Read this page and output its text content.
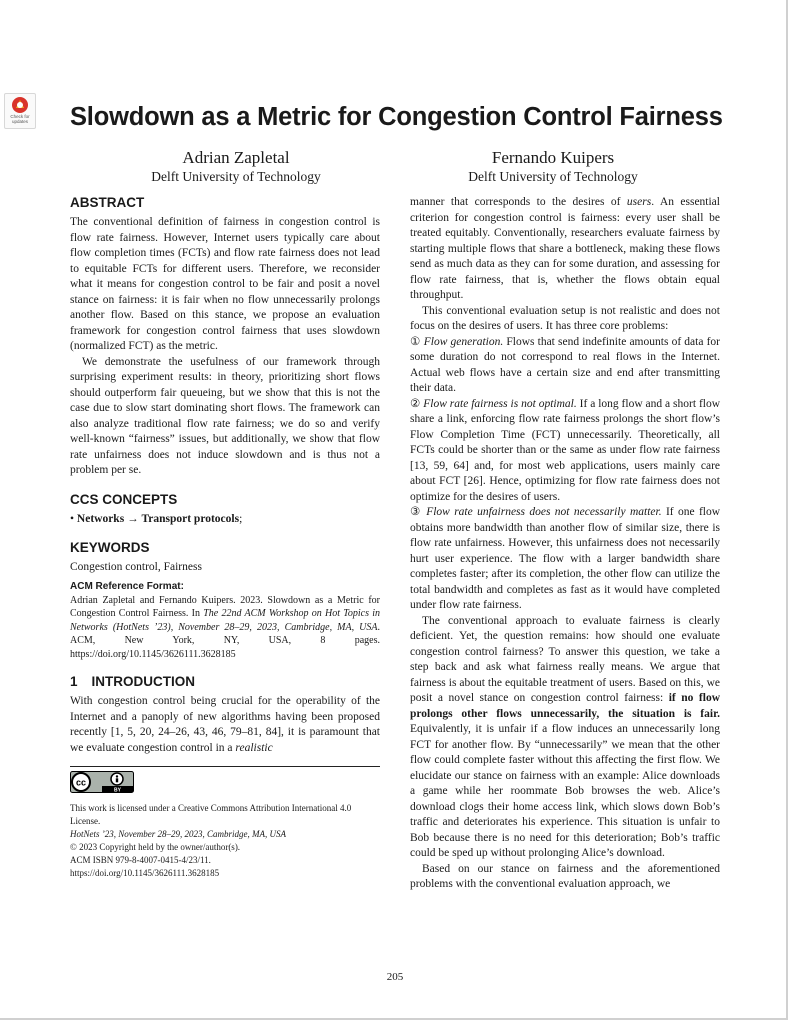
Check for updates Slowdown as a Metric for Congestion Control Fairness
Adrian Zapletal
Delft University of Technology
Fernando Kuipers
Delft University of Technology
ABSTRACT

The conventional definition of fairness in congestion control is flow rate fairness. However, Internet users typically care about flow completion times (FCTs) and flow rate fairness does not lead to equitable FCTs for different users. Therefore, we reconsider what it means for congestion control to be fair and posit a novel stance on fairness: it is fair when no flow unnecessarily prolongs another flow. Based on this stance, we propose an evaluation framework for congestion control fairness that uses slowdown (normalized FCT) as the metric.

We demonstrate the usefulness of our framework through surprising experiment results: in theory, prioritizing short flows should outperform fair queueing, but we show that this is not the case due to slow start dominating short flows. The framework can also analyze traditional flow rate fairness; we do so and verify well-known “fairness” issues, but additionally, we show that flow rate unfairness does not induce slowdown and is thus not a problem per se.

CCS CONCEPTS
• Networks → Transport protocols;
KEYWORDS

Congestion control, Fairness

ACM Reference Format:
Adrian Zapletal and Fernando Kuipers. 2023. Slowdown as a Metric for Congestion Control Fairness. In The 22nd ACM Workshop on Hot Topics in Networks (HotNets ’23), November 28–29, 2023, Cambridge, MA, USA. ACM, New York, NY, USA, 8 pages. https://doi.org/10.1145/3626111.3628185
1 INTRODUCTION

With congestion control being crucial for the operability of the Internet and a panoply of new algorithms having been proposed recently [1, 5, 20, 24–26, 43, 46, 79–81, 84], it is paramount that we evaluate congestion control in a realistic

cc
BY

This work is licensed under a Creative Commons Attribution International 4.0 License.

HotNets ’23, November 28–29, 2023, Cambridge, MA, USA

© 2023 Copyright held by the owner/author(s).

ACM ISBN 979-8-4007-0415-4/23/11.

https://doi.org/10.1145/3626111.3628185

manner that corresponds to the desires of users. An essential criterion for congestion control is fairness: every user shall be treated equitably. Conventionally, researchers evaluate fairness by starting multiple flows that share a bottleneck, making these flows send as much data as they can for some duration, and assessing for flow rate fairness, that is, whether the flows obtain equal throughput.

This conventional evaluation setup is not realistic and does not focus on the desires of users. It has three core problems:

① Flow generation. Flows that send indefinite amounts of data for some duration do not correspond to real flows in the Internet. Actual web flows have a certain size and end after transmitting their data.

② Flow rate fairness is not optimal. If a long flow and a short flow share a link, enforcing flow rate fairness prolongs the short flow’s Flow Completion Time (FCT) unnecessarily. Theoretically, all FCTs could be shorter than or the same as under flow rate fairness [13, 59, 64] and, for most web applications, users mainly care about FCT [26]. Hence, optimizing for flow rate fairness does not optimize for the desires of users.

③ Flow rate unfairness does not necessarily matter. If one flow obtains more bandwidth than another flow of similar size, there is flow rate unfairness. However, this unfairness does not necessarily hurt user experience. The flow with a larger bandwidth share completes faster; after its completion, the other flow can utilize the total bandwidth and completes as fast as it would have completed under flow rate fairness.

The conventional approach to evaluate fairness is clearly deficient. Yet, the question remains: how should one evaluate congestion control fairness? To answer this question, we take a step back and ask what fairness really means. We argue that fairness is about the equitable treatment of users. Based on this, we posit a novel stance on congestion control fairness: if no flow prolongs other flows unnecessarily, the situation is fair. Equivalently, it is unfair if a flow induces an unnecessarily long FCT for another flow. By “unnecessarily” we mean that the other flow could complete faster without this affecting the first flow. We elucidate our stance on fairness with an example: Alice downloads a game while her roommate Bob browses the web. Alice’s download clogs their home access link, which slows down Bob’s traffic and deteriorates his experience. This situation is unfair to Bob because there is no need for this deterioration; Bob’s traffic could be sped up without prolonging Alice’s download.

Based on our stance on fairness and the aforementioned problems with the conventional evaluation approach, we

205
